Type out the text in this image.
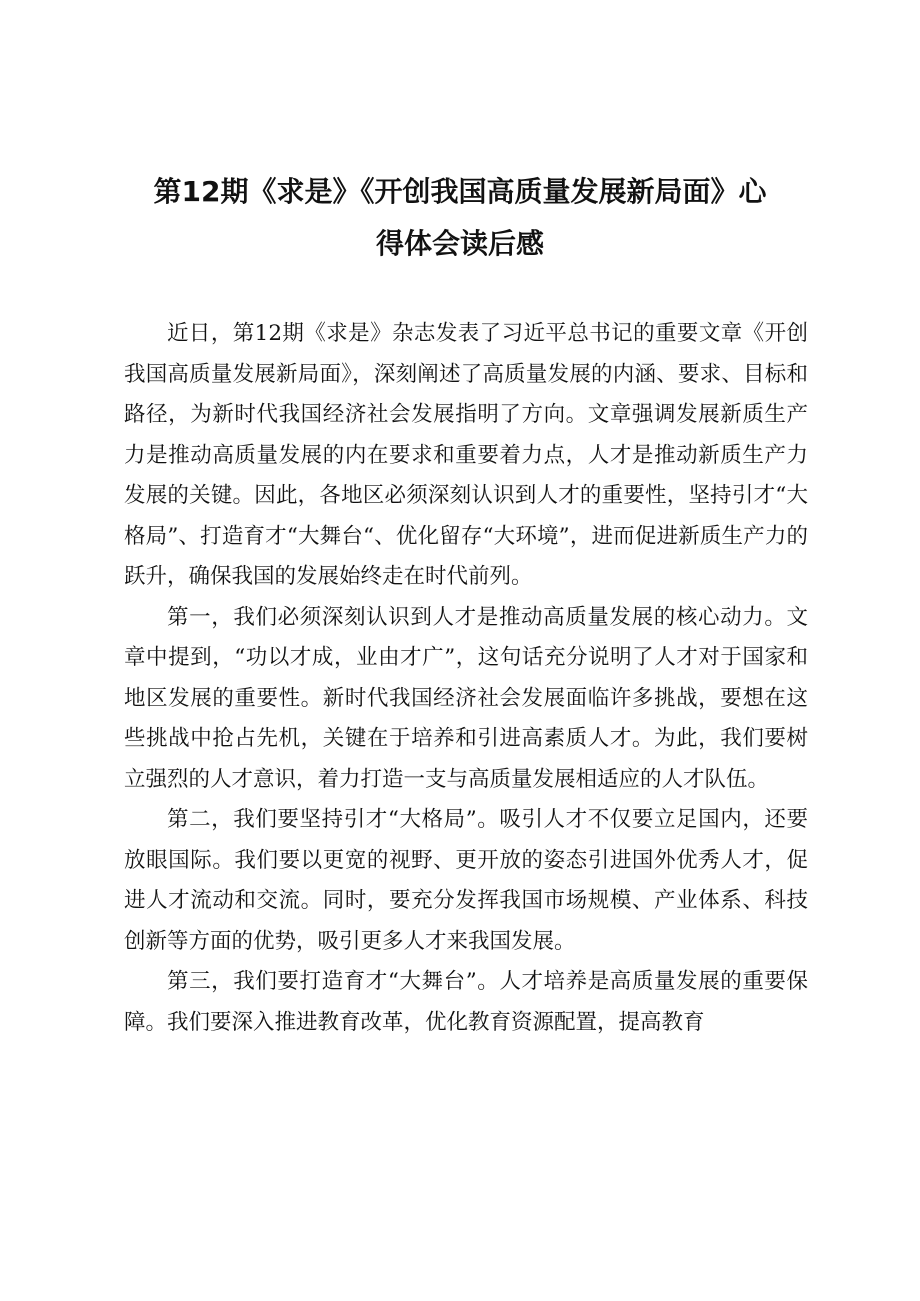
第12期《求是》《开创我国高质量发展新局面》心
得体会读后感

近日，第12期《求是》杂志发表了习近平总书记的重要文章《开创我国高质量发展新局面》，深刻阐述了高质量发展的内涵、要求、目标和路径，为新时代我国经济社会发展指明了方向。文章强调发展新质生产力是推动高质量发展的内在要求和重要着力点，人才是推动新质生产力发展的关键。因此，各地区必须深刻认识到人才的重要性，坚持引才“大格局”、打造育才“大舞台“、优化留存“大环境”，进而促进新质生产力的跃升，确保我国的发展始终走在时代前列。

第一，我们必须深刻认识到人才是推动高质量发展的核心动力。文章中提到，“功以才成，业由才广”，这句话充分说明了人才对于国家和地区发展的重要性。新时代我国经济社会发展面临许多挑战，要想在这些挑战中抢占先机，关键在于培养和引进高素质人才。为此，我们要树立强烈的人才意识，着力打造一支与高质量发展相适应的人才队伍。

第二，我们要坚持引才“大格局”。吸引人才不仅要立足国内，还要放眼国际。我们要以更宽的视野、更开放的姿态引进国外优秀人才，促进人才流动和交流。同时，要充分发挥我国市场规模、产业体系、科技创新等方面的优势，吸引更多人才来我国发展。

第三，我们要打造育才“大舞台”。人才培养是高质量发展的重要保障。我们要深入推进教育改革，优化教育资源配置，提高教育
